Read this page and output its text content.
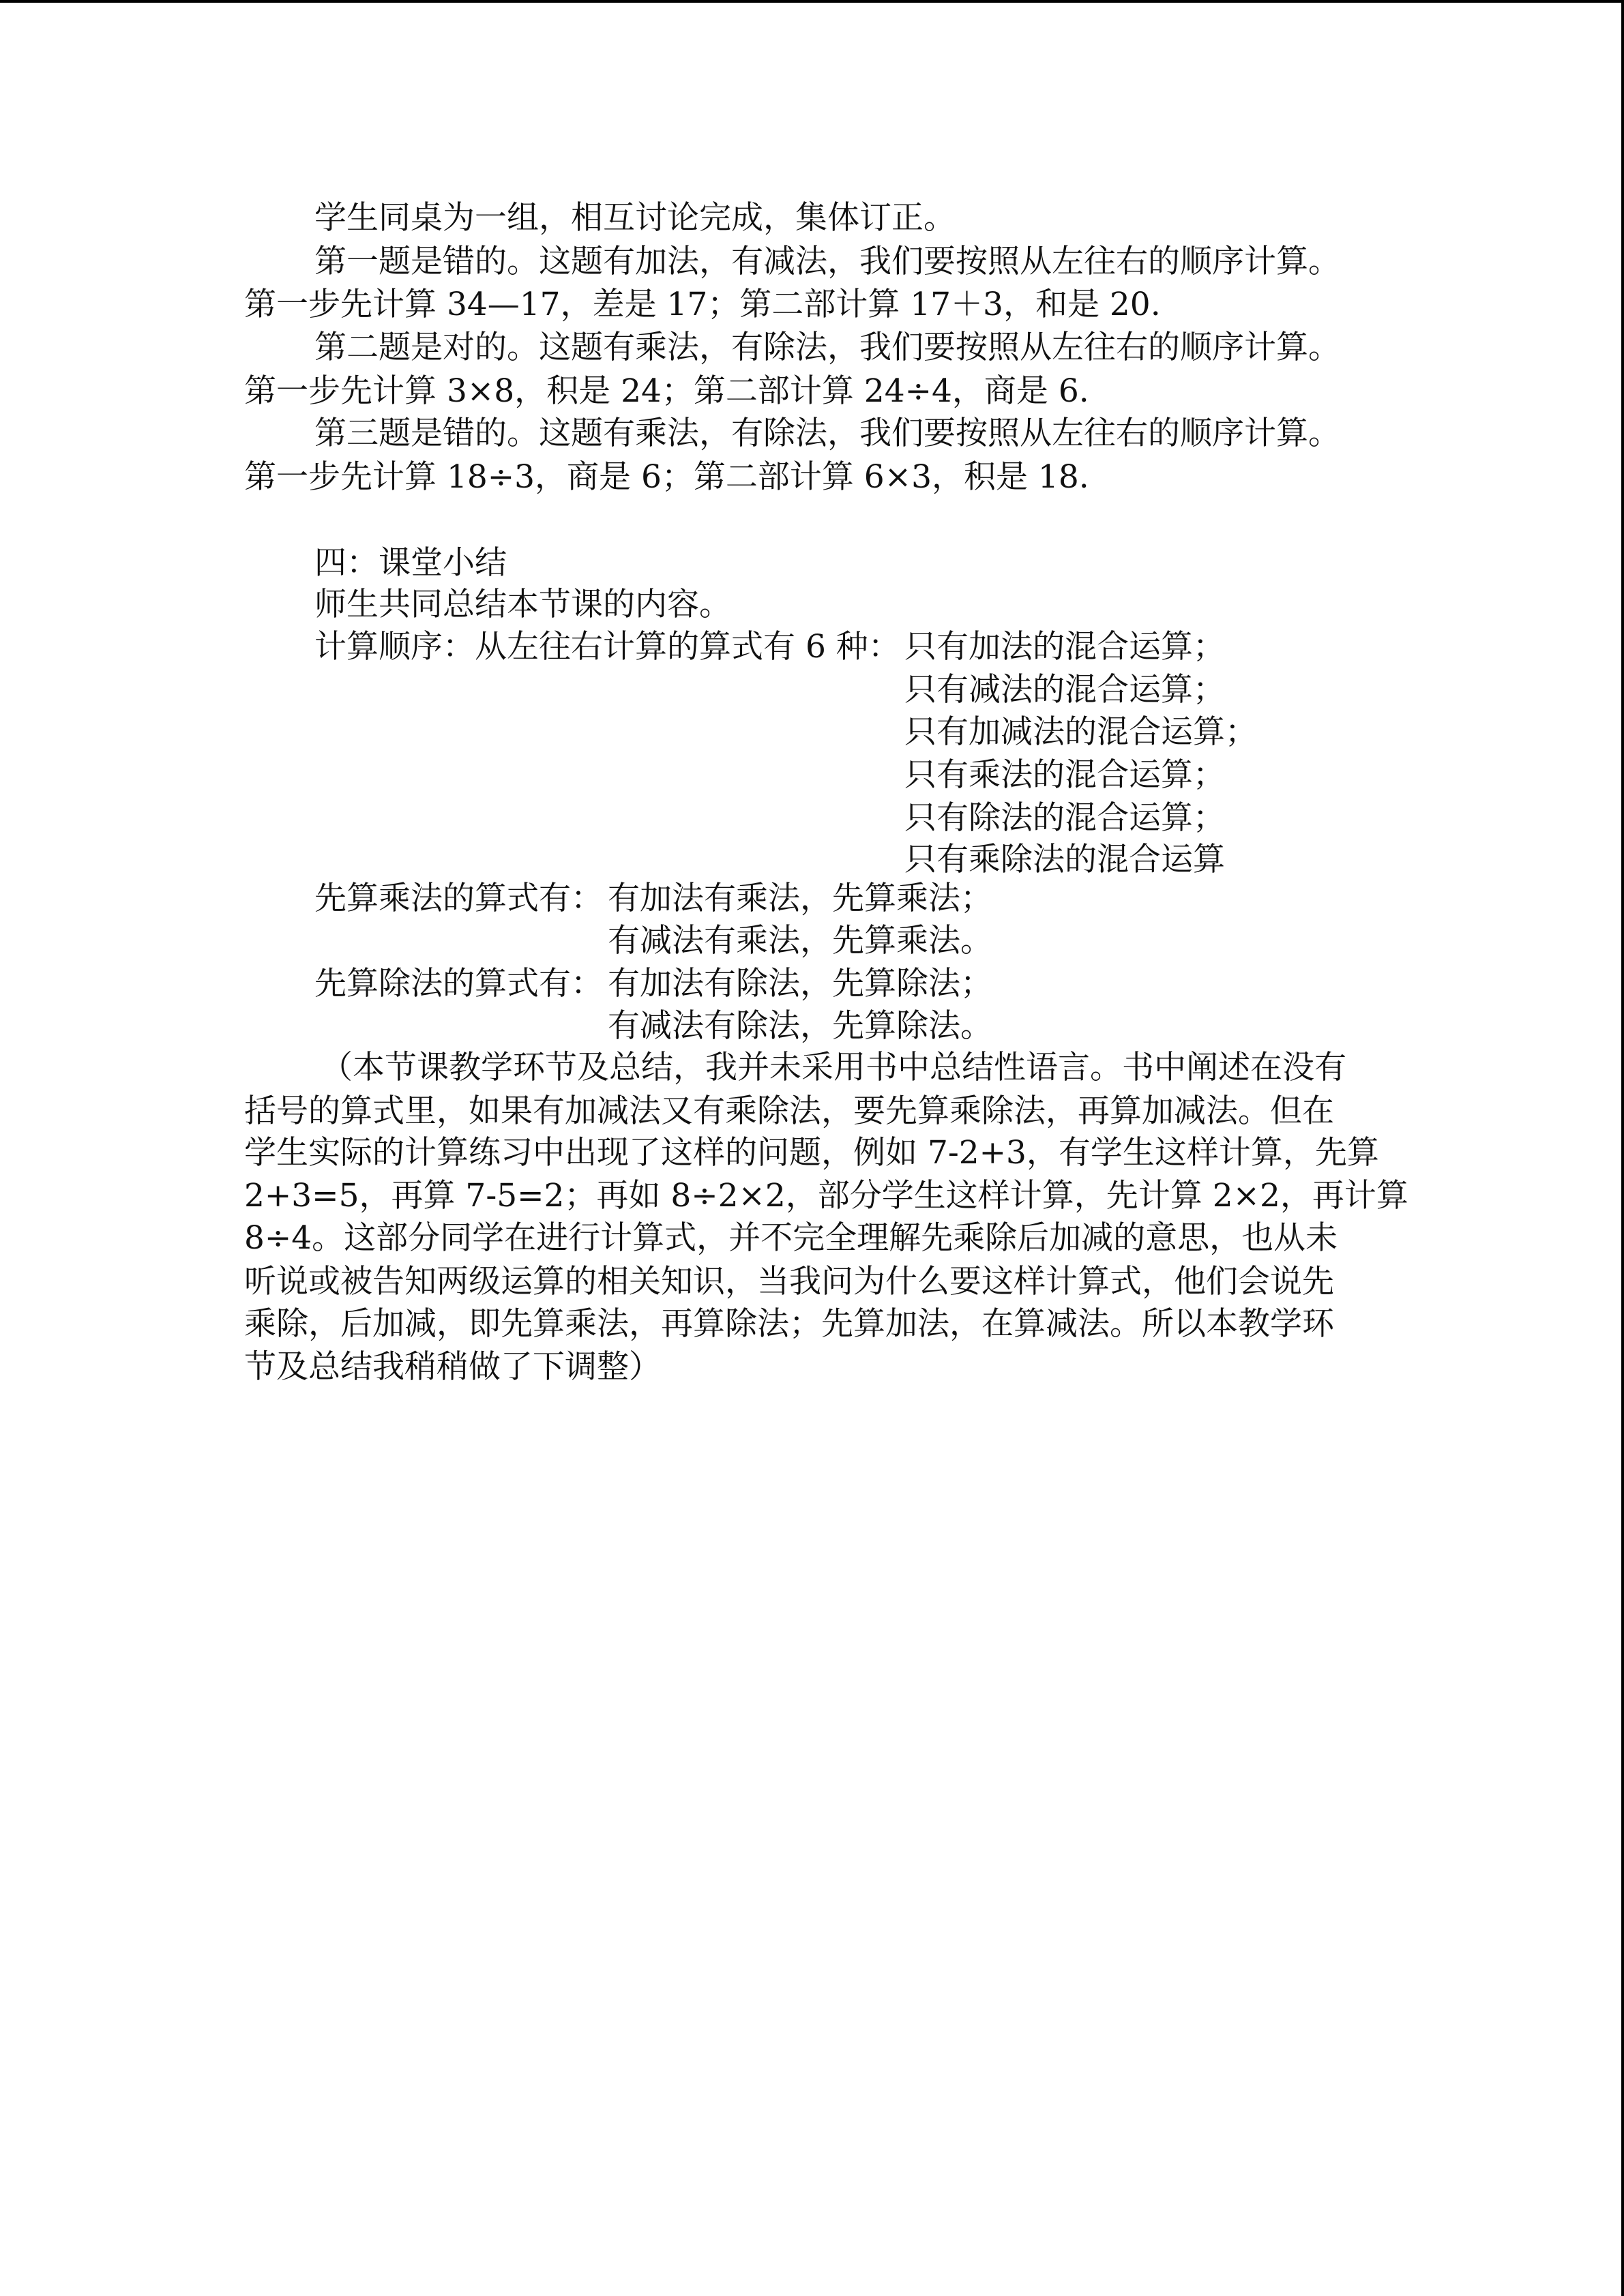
学生同桌为一组，相互讨论完成，集体订正。
第一题是错的。这题有加法，有减法，我们要按照从左往右的顺序计算。
第一步先计算 34—17，差是 17；第二部计算 17＋3，和是 20.
第二题是对的。这题有乘法，有除法，我们要按照从左往右的顺序计算。
第一步先计算 3×8，积是 24；第二部计算 24÷4，商是 6.
第三题是错的。这题有乘法，有除法，我们要按照从左往右的顺序计算。
第一步先计算 18÷3，商是 6；第二部计算 6×3，积是 18.
四：课堂小结
师生共同总结本节课的内容。
计算顺序：从左往右计算的算式有 6 种： 只有加法的混合运算；
只有减法的混合运算；
只有加减法的混合运算；
只有乘法的混合运算；
只有除法的混合运算；
只有乘除法的混合运算
先算乘法的算式有： 有加法有乘法，先算乘法；
有减法有乘法，先算乘法。
先算除法的算式有： 有加法有除法，先算除法；
有减法有除法，先算除法。
（本节课教学环节及总结，我并未采用书中总结性语言。书中阐述在没有
括号的算式里，如果有加减法又有乘除法，要先算乘除法，再算加减法。但在
学生实际的计算练习中出现了这样的问题，例如 7-2+3，有学生这样计算，先算
2+3=5，再算 7-5=2；再如 8÷2×2，部分学生这样计算，先计算 2×2，再计算
8÷4。这部分同学在进行计算式，并不完全理解先乘除后加减的意思，也从未
听说或被告知两级运算的相关知识，当我问为什么要这样计算式，他们会说先
乘除，后加减，即先算乘法，再算除法；先算加法，在算减法。所以本教学环
节及总结我稍稍做了下调整）
